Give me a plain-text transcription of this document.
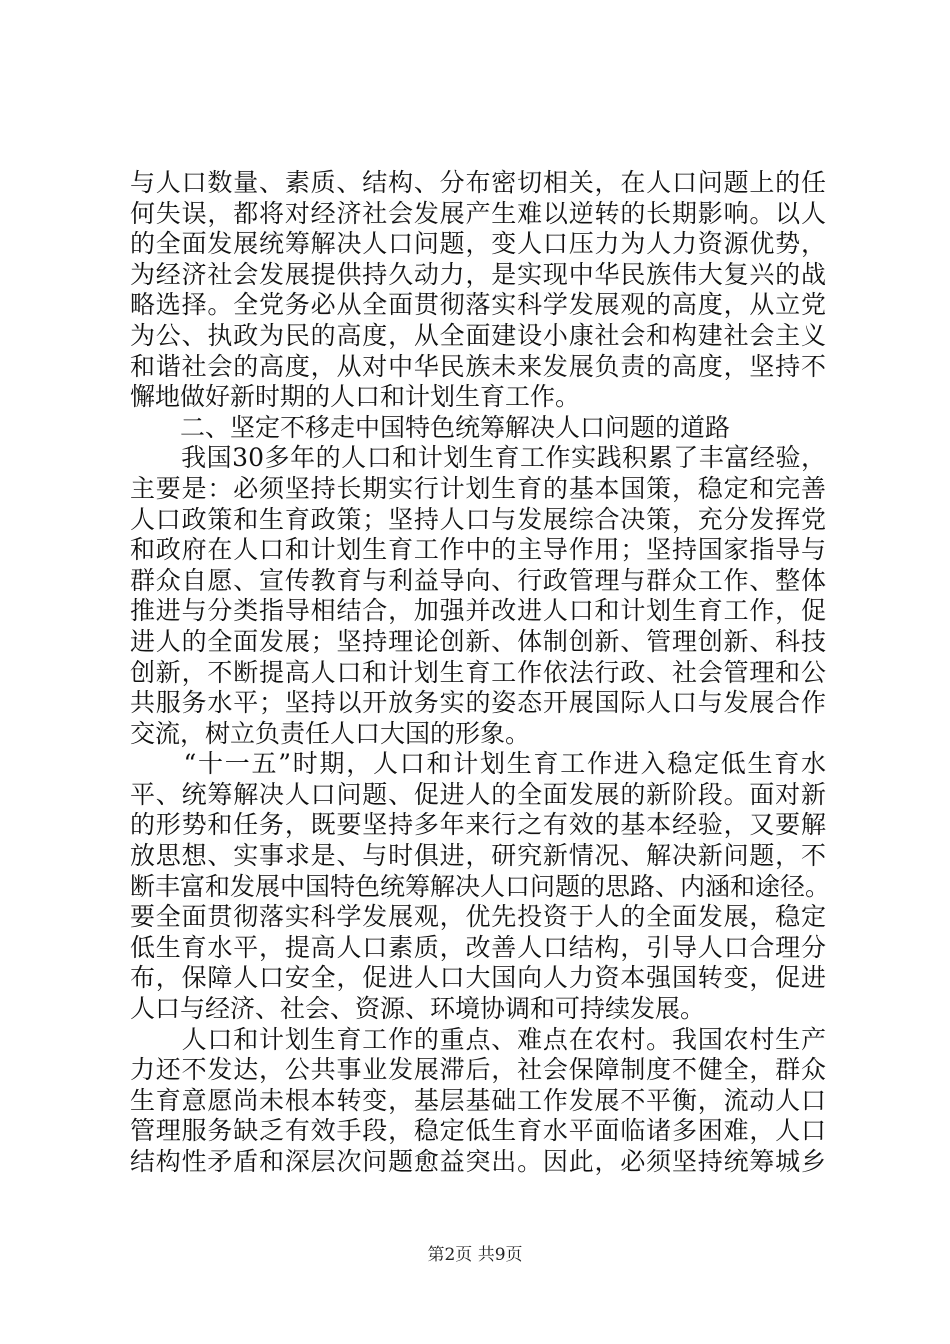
与人口数量、素质、结构、分布密切相关，在人口问题上的任
何失误，都将对经济社会发展产生难以逆转的长期影响。以人
的全面发展统筹解决人口问题，变人口压力为人力资源优势，
为经济社会发展提供持久动力，是实现中华民族伟大复兴的战
略选择。全党务必从全面贯彻落实科学发展观的高度，从立党
为公、执政为民的高度，从全面建设小康社会和构建社会主义
和谐社会的高度，从对中华民族未来发展负责的高度，坚持不
懈地做好新时期的人口和计划生育工作。
　　二、坚定不移走中国特色统筹解决人口问题的道路
　　我国30多年的人口和计划生育工作实践积累了丰富经验，
主要是：必须坚持长期实行计划生育的基本国策，稳定和完善
人口政策和生育政策；坚持人口与发展综合决策，充分发挥党
和政府在人口和计划生育工作中的主导作用；坚持国家指导与
群众自愿、宣传教育与利益导向、行政管理与群众工作、整体
推进与分类指导相结合，加强并改进人口和计划生育工作，促
进人的全面发展；坚持理论创新、体制创新、管理创新、科技
创新，不断提高人口和计划生育工作依法行政、社会管理和公
共服务水平；坚持以开放务实的姿态开展国际人口与发展合作
交流，树立负责任人口大国的形象。
　　“十一五”时期，人口和计划生育工作进入稳定低生育水
平、统筹解决人口问题、促进人的全面发展的新阶段。面对新
的形势和任务，既要坚持多年来行之有效的基本经验，又要解
放思想、实事求是、与时俱进，研究新情况、解决新问题，不
断丰富和发展中国特色统筹解决人口问题的思路、内涵和途径。
要全面贯彻落实科学发展观，优先投资于人的全面发展，稳定
低生育水平，提高人口素质，改善人口结构，引导人口合理分
布，保障人口安全，促进人口大国向人力资本强国转变，促进
人口与经济、社会、资源、环境协调和可持续发展。
　　人口和计划生育工作的重点、难点在农村。我国农村生产
力还不发达，公共事业发展滞后，社会保障制度不健全，群众
生育意愿尚未根本转变，基层基础工作发展不平衡，流动人口
管理服务缺乏有效手段，稳定低生育水平面临诸多困难，人口
结构性矛盾和深层次问题愈益突出。因此，必须坚持统筹城乡
第2页 共9页
